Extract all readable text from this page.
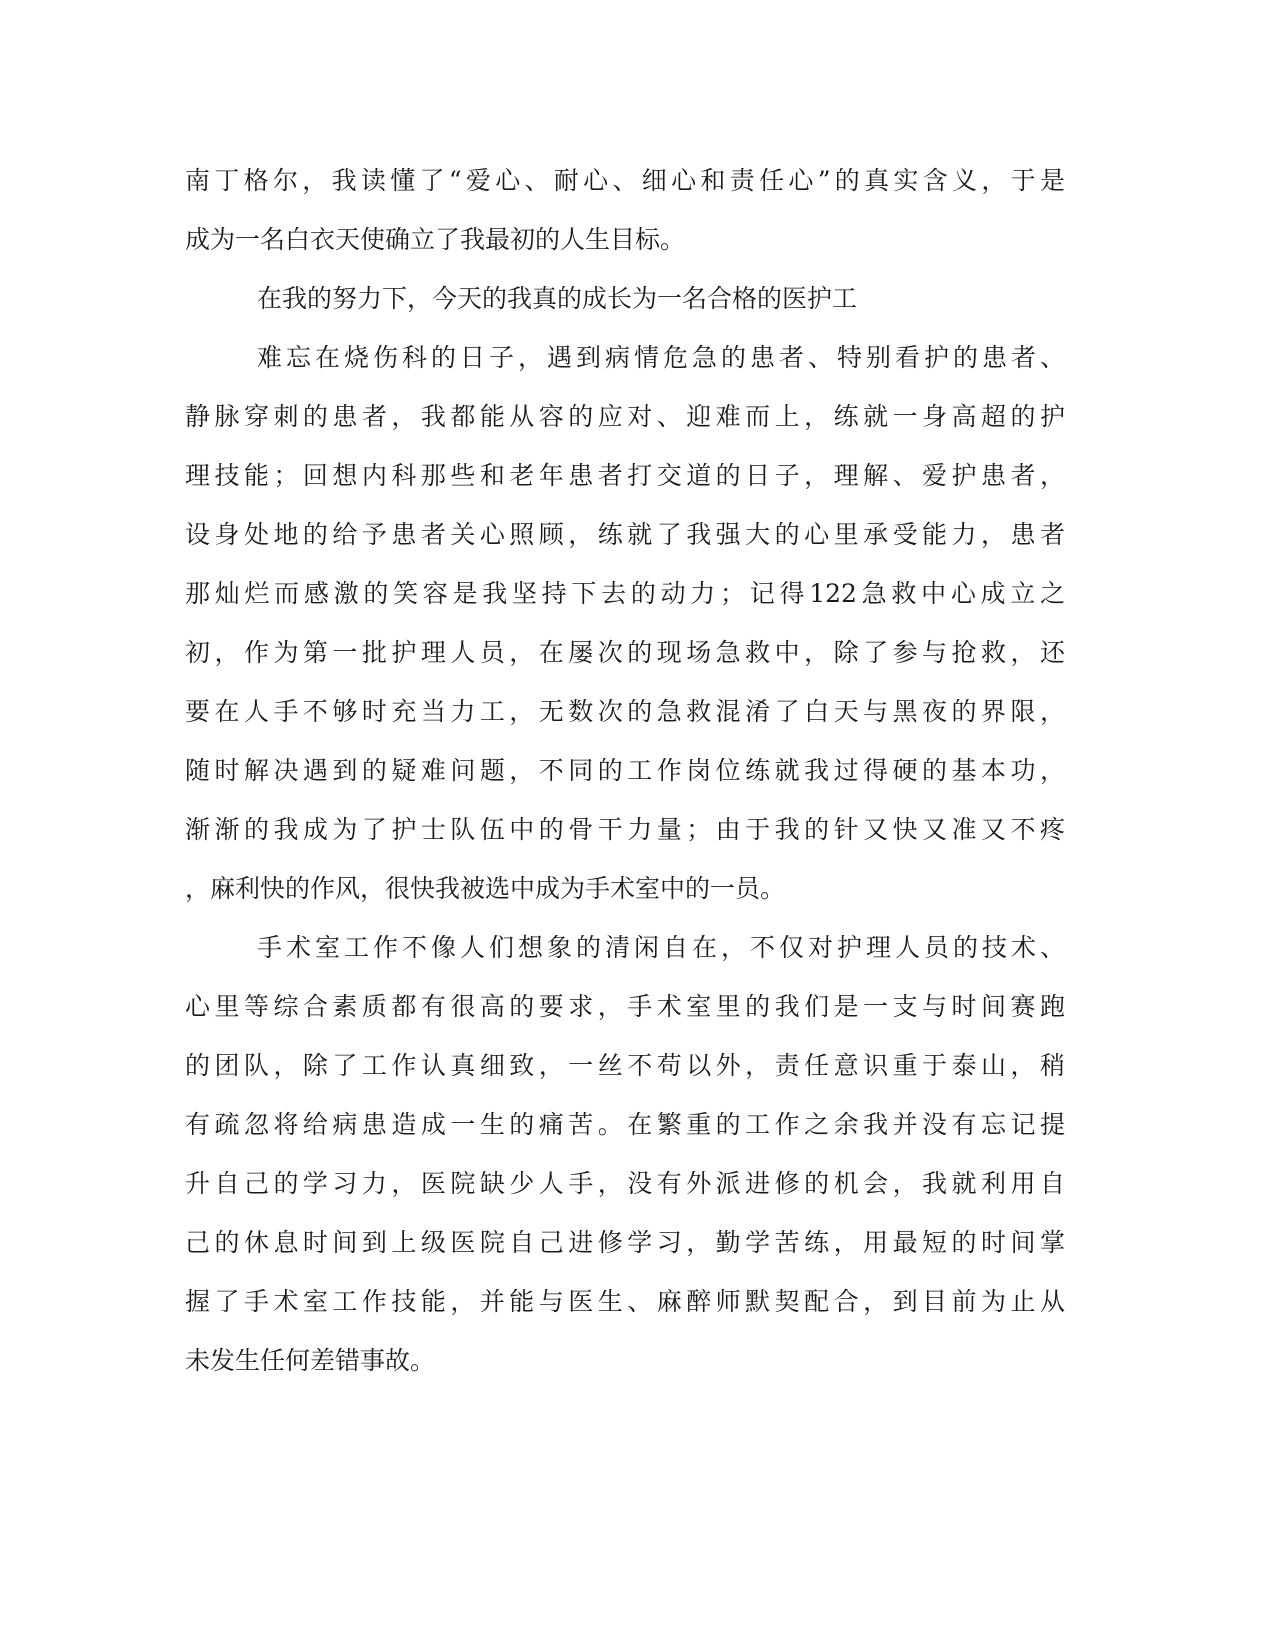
南丁格尔，我读懂了“爱心、耐心、细心和责任心”的真实含义，于是

成为一名白衣天使确立了我最初的人生目标。

在我的努力下，今天的我真的成长为一名合格的医护工

难忘在烧伤科的日子，遇到病情危急的患者、特别看护的患者、

静脉穿刺的患者，我都能从容的应对、迎难而上，练就一身高超的护

理技能；回想内科那些和老年患者打交道的日子，理解、爱护患者，

设身处地的给予患者关心照顾，练就了我强大的心里承受能力，患者

那灿烂而感激的笑容是我坚持下去的动力；记得122急救中心成立之

初，作为第一批护理人员，在屡次的现场急救中，除了参与抢救，还

要在人手不够时充当力工，无数次的急救混淆了白天与黑夜的界限，

随时解决遇到的疑难问题，不同的工作岗位练就我过得硬的基本功，

渐渐的我成为了护士队伍中的骨干力量；由于我的针又快又准又不疼

，麻利快的作风，很快我被选中成为手术室中的一员。

手术室工作不像人们想象的清闲自在，不仅对护理人员的技术、

心里等综合素质都有很高的要求，手术室里的我们是一支与时间赛跑

的团队，除了工作认真细致，一丝不苟以外，责任意识重于泰山，稍

有疏忽将给病患造成一生的痛苦。在繁重的工作之余我并没有忘记提

升自己的学习力，医院缺少人手，没有外派进修的机会，我就利用自

己的休息时间到上级医院自己进修学习，勤学苦练，用最短的时间掌

握了手术室工作技能，并能与医生、麻醉师默契配合，到目前为止从

未发生任何差错事故。
